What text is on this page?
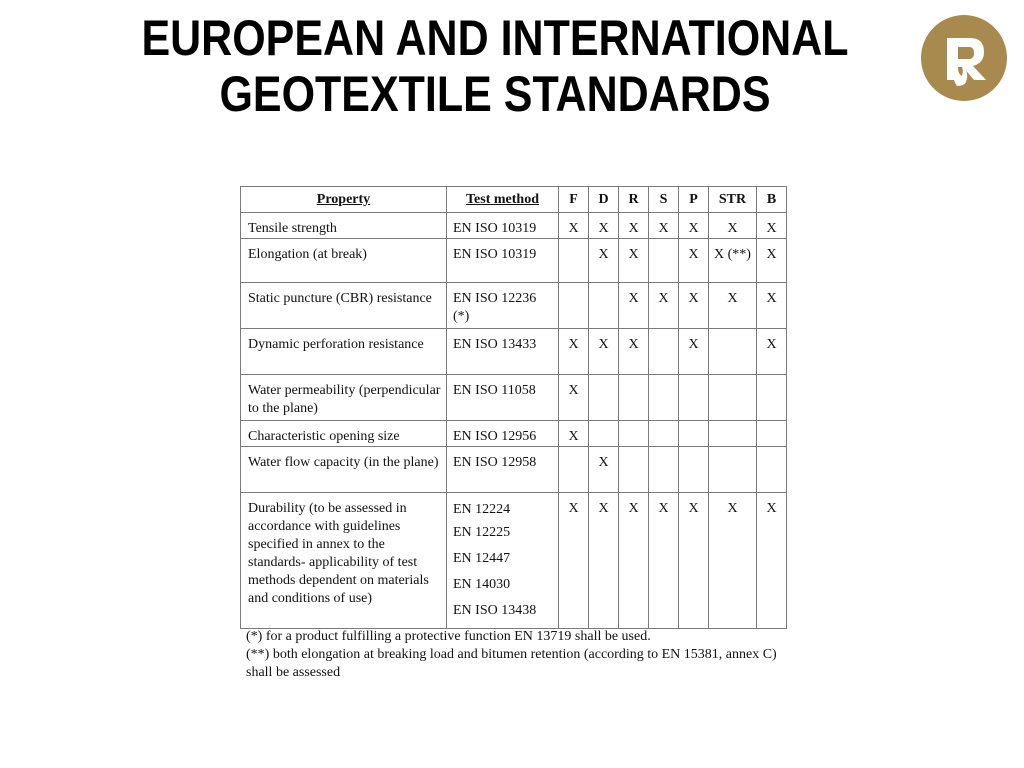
EUROPEAN AND INTERNATIONAL
GEOTEXTILE STANDARDS
Property	Test method	F	D	R	S	P	STR	B
Tensile strength	EN ISO 10319	X	X	X	X	X	X	X
Elongation (at break)	EN ISO 10319		X	X		X	X (**)	X
Static puncture (CBR) resistance	EN ISO 12236 (*)			X	X	X	X	X
Dynamic perforation resistance	EN ISO 13433	X	X	X		X		X
Water permeability (perpendicular to the plane)	EN ISO 11058	X						
Characteristic opening size	EN ISO 12956	X						
Water flow capacity (in the plane)	EN ISO 12958		X					
Durability (to be assessed in accordance with guidelines specified in annex to the standards- applicability of test methods dependent on materials and conditions of use)	EN 12224
EN 12225
EN 12447
EN 14030
EN ISO 13438	X	X	X	X	X	X	X

(*) for a product fulfilling a protective function EN 13719 shall be used.

(**) both elongation at breaking load and bitumen retention (according to EN 15381, annex C) shall be assessed
